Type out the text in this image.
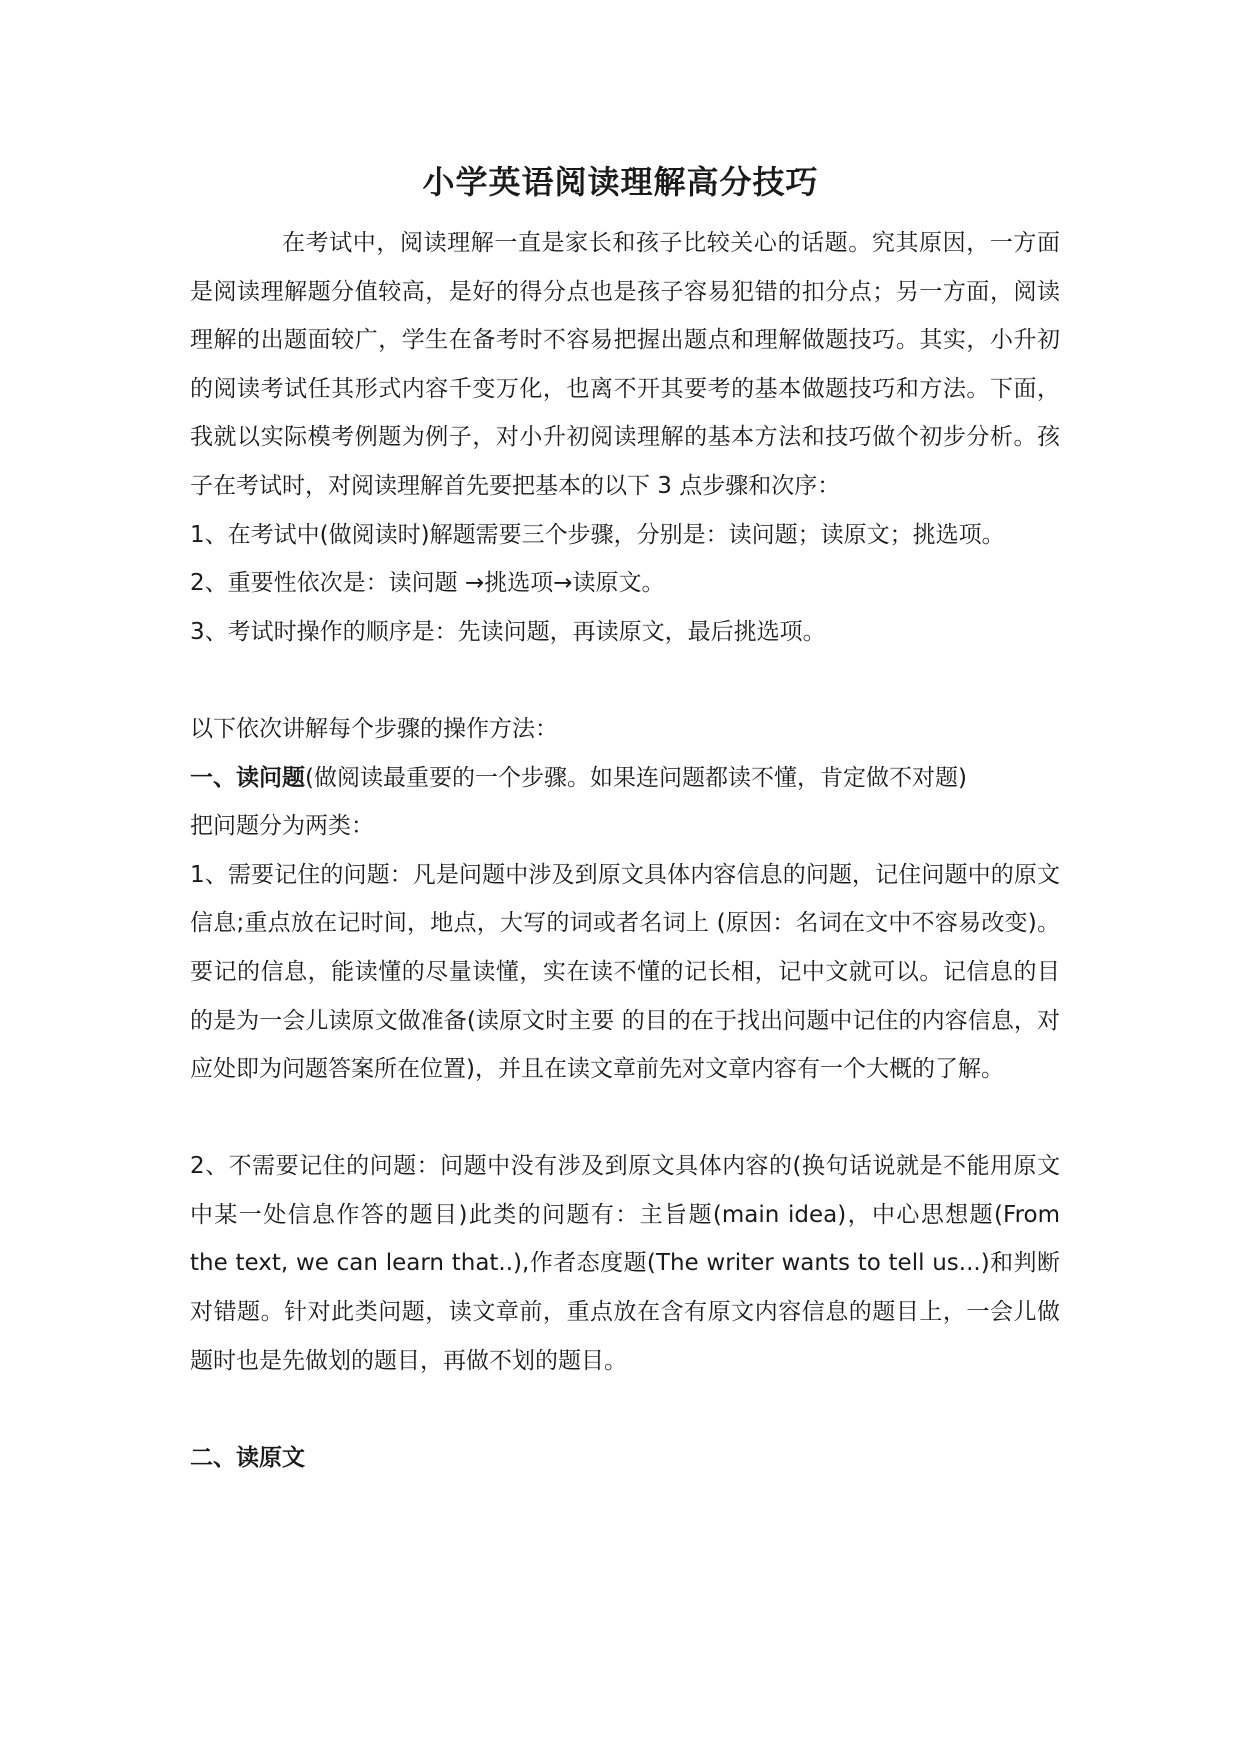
小学英语阅读理解高分技巧

在考试中，阅读理解一直是家长和孩子比较关心的话题。究其原因，一方面是阅读理解题分值较高，是好的得分点也是孩子容易犯错的扣分点；另一方面，阅读理解的出题面较广，学生在备考时不容易把握出题点和理解做题技巧。其实，小升初的阅读考试任其形式内容千变万化，也离不开其要考的基本做题技巧和方法。下面，我就以实际模考例题为例子，对小升初阅读理解的基本方法和技巧做个初步分析。孩子在考试时，对阅读理解首先要把基本的以下 3 点步骤和次序：

1、在考试中(做阅读时)解题需要三个步骤，分别是：读问题；读原文；挑选项。

2、重要性依次是：读问题 →挑选项→读原文。

3、考试时操作的顺序是：先读问题，再读原文，最后挑选项。

以下依次讲解每个步骤的操作方法：

一、读问题(做阅读最重要的一个步骤。如果连问题都读不懂，肯定做不对题)

把问题分为两类：

1、需要记住的问题：凡是问题中涉及到原文具体内容信息的问题，记住问题中的原文信息;重点放在记时间，地点，大写的词或者名词上 (原因：名词在文中不容易改变)。要记的信息，能读懂的尽量读懂，实在读不懂的记长相，记中文就可以。记信息的目的是为一会儿读原文做准备(读原文时主要 的目的在于找出问题中记住的内容信息，对应处即为问题答案所在位置)，并且在读文章前先对文章内容有一个大概的了解。

2、不需要记住的问题：问题中没有涉及到原文具体内容的(换句话说就是不能用原文中某一处信息作答的题目)此类的问题有：主旨题(main idea)，中心思想题(From the text, we can learn that..),作者态度题(The writer wants to tell us...)和判断对错题。针对此类问题，读文章前，重点放在含有原文内容信息的题目上，一会儿做题时也是先做划的题目，再做不划的题目。

二、读原文
